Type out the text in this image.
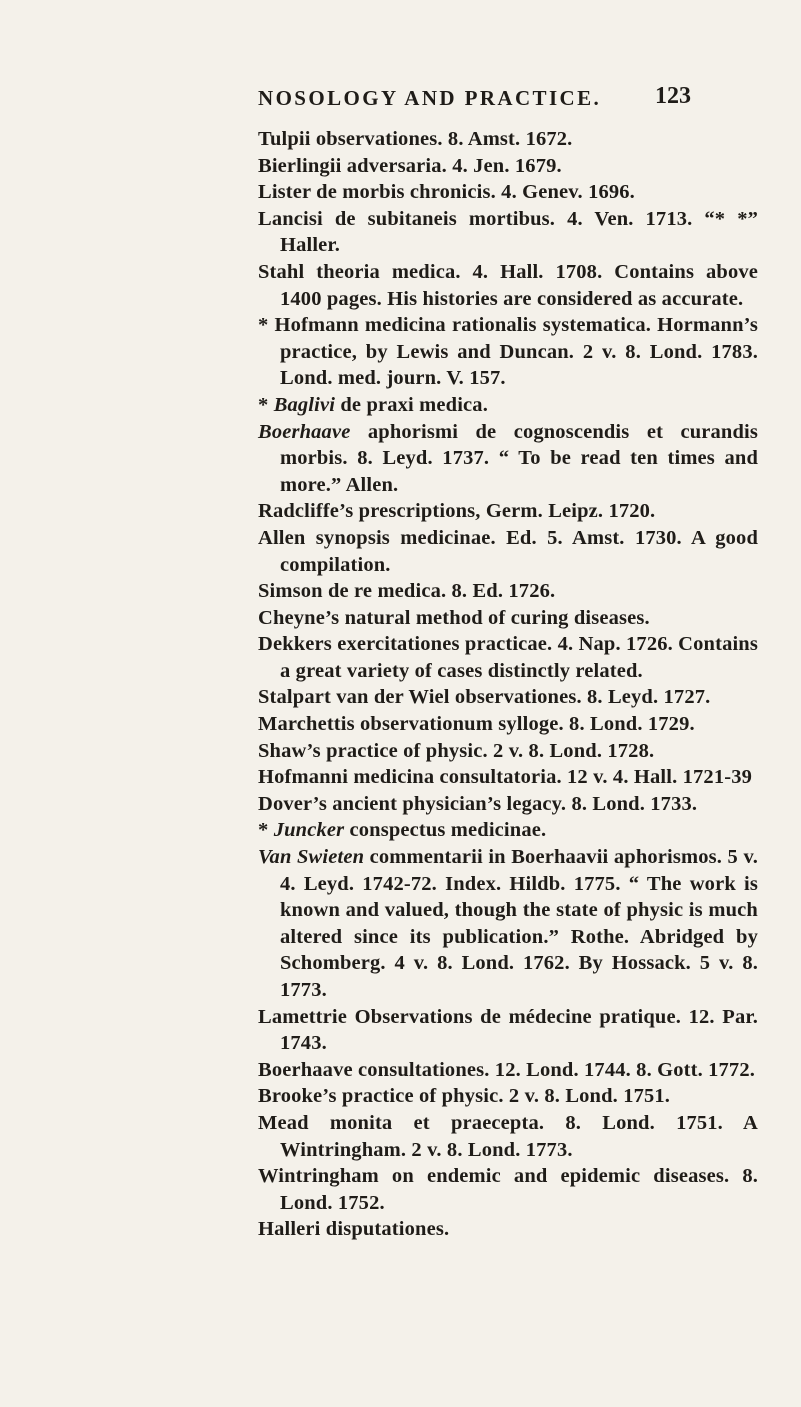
NOSOLOGY AND PRACTICE. 123
Tulpii observationes. 8. Amst. 1672.
Bierlingii adversaria. 4. Jen. 1679.
Lister de morbis chronicis. 4. Genev. 1696.
Lancisi de subitaneis mortibus. 4. Ven. 1713. “* *” Haller.
Stahl theoria medica. 4. Hall. 1708. Contains above 1400 pages. His histories are considered as accurate.
* Hofmann medicina rationalis systematica. Hormann’s practice, by Lewis and Duncan. 2 v. 8. Lond. 1783. Lond. med. journ. V. 157.
* Baglivi de praxi medica.
Boerhaave aphorismi de cognoscendis et curandis morbis. 8. Leyd. 1737. “ To be read ten times and more.” Allen.
Radcliffe’s prescriptions, Germ. Leipz. 1720.
Allen synopsis medicinae. Ed. 5. Amst. 1730. A good compilation.
Simson de re medica. 8. Ed. 1726.
Cheyne’s natural method of curing diseases.
Dekkers exercitationes practicae. 4. Nap. 1726. Contains a great variety of cases distinctly related.
Stalpart van der Wiel observationes. 8. Leyd. 1727.
Marchettis observationum sylloge. 8. Lond. 1729.
Shaw’s practice of physic. 2 v. 8. Lond. 1728.
Hofmanni medicina consultatoria. 12 v. 4. Hall. 1721-39
Dover’s ancient physician’s legacy. 8. Lond. 1733.
* Juncker conspectus medicinae.
Van Swieten commentarii in Boerhaavii aphorismos. 5 v. 4. Leyd. 1742-72. Index. Hildb. 1775. “ The work is known and valued, though the state of physic is much altered since its publication.” Rothe. Abridged by Schomberg. 4 v. 8. Lond. 1762. By Hossack. 5 v. 8. 1773.
Lamettrie Observations de médecine pratique. 12. Par. 1743.
Boerhaave consultationes. 12. Lond. 1744. 8. Gott. 1772.
Brooke’s practice of physic. 2 v. 8. Lond. 1751.
Mead monita et praecepta. 8. Lond. 1751. A Wintringham. 2 v. 8. Lond. 1773.
Wintringham on endemic and epidemic diseases. 8. Lond. 1752.
Halleri disputationes.
